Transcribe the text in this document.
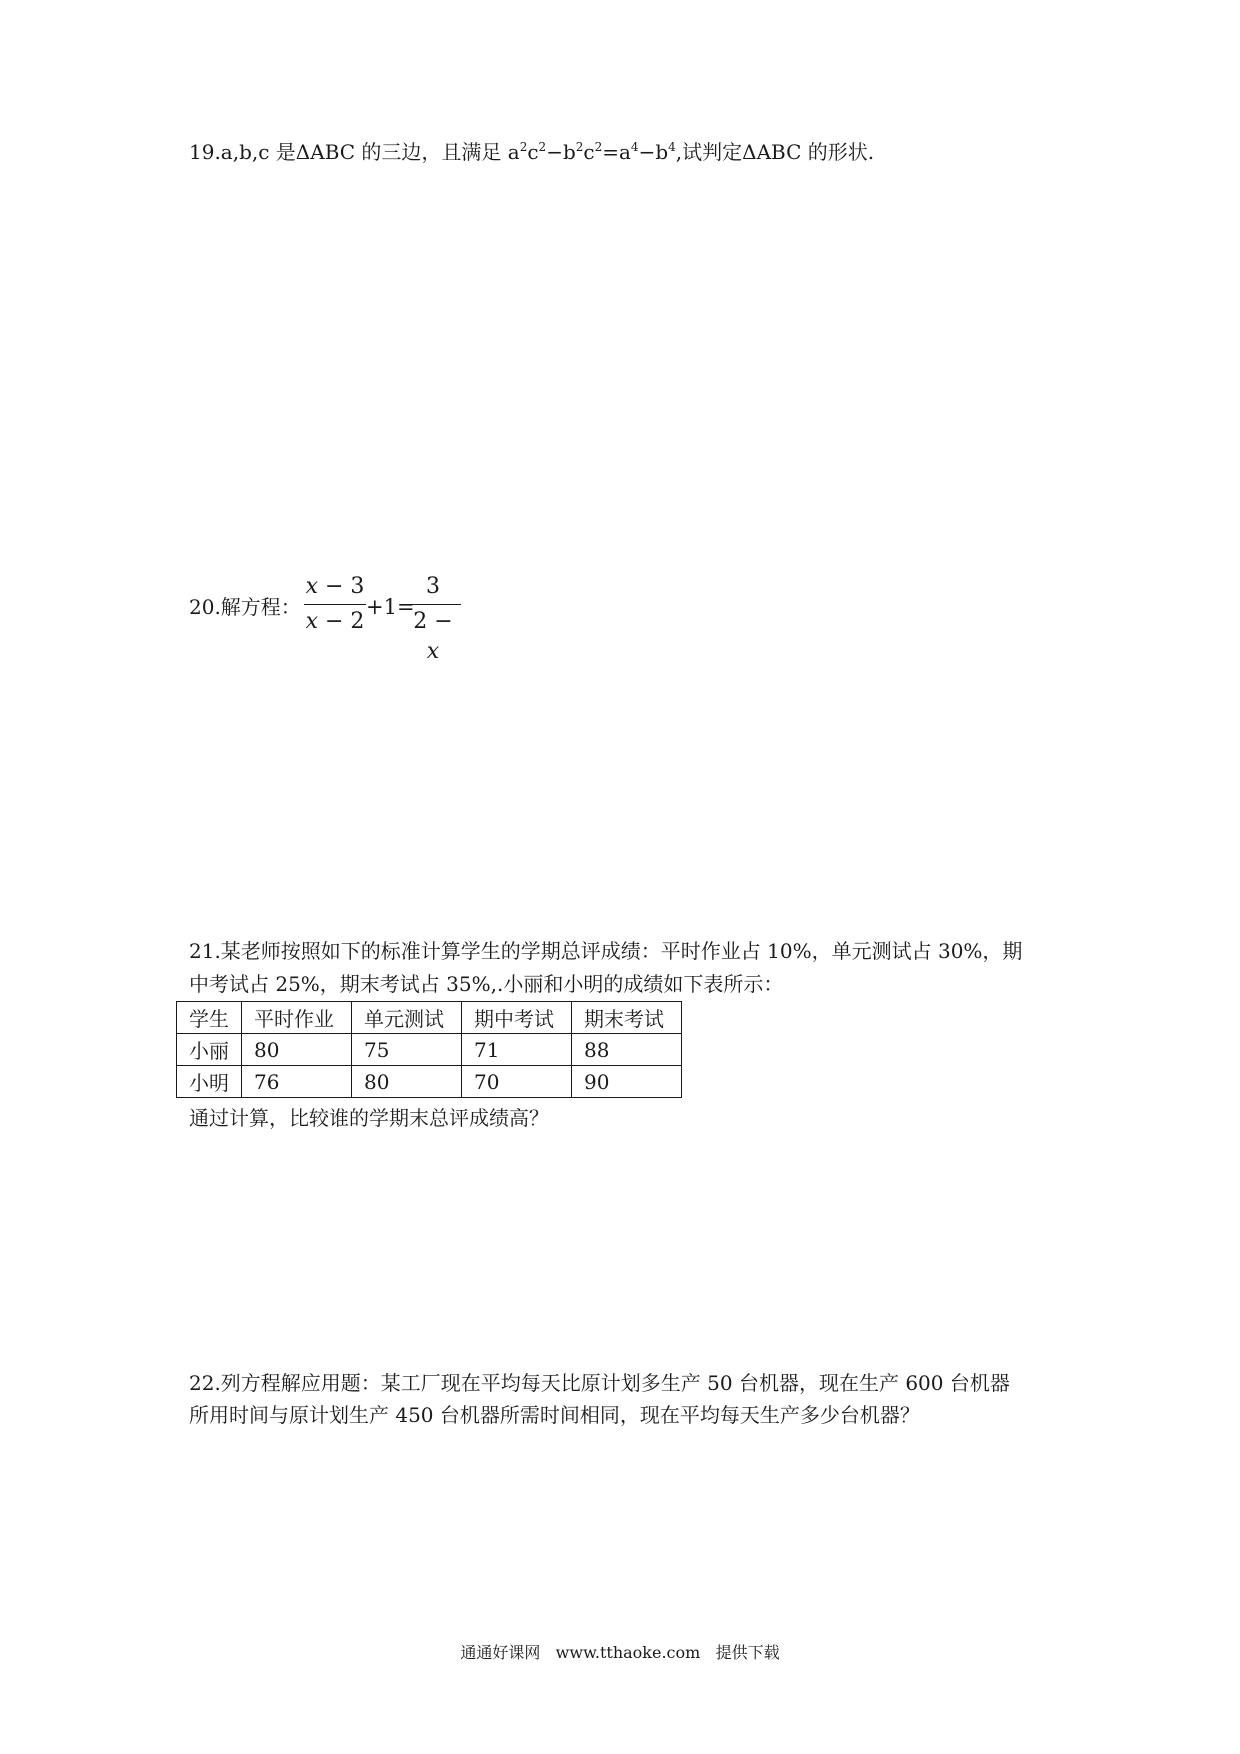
19.a,b,c 是ΔABC 的三边，且满足 $a^2c^2-b^2c^2=a^4-b^4$,试判定ΔABC 的形状.
20.解方程：
x − 3
x − 2
+1=
3
2 − x
21.某老师按照如下的标准计算学生的学期总评成绩：平时作业占 10%，单元测试占 30%，期
中考试占 25%，期末考试占 35%,.小丽和小明的成绩如下表所示：
学生	平时作业	单元测试	期中考试	期末考试
小丽	80	75	71	88
小明	76	80	70	90
通过计算，比较谁的学期末总评成绩高？
22.列方程解应用题：某工厂现在平均每天比原计划多生产 50 台机器，现在生产 600 台机器
所用时间与原计划生产 450 台机器所需时间相同，现在平均每天生产多少台机器？
通通好课网   www.tthaoke.com   提供下载
